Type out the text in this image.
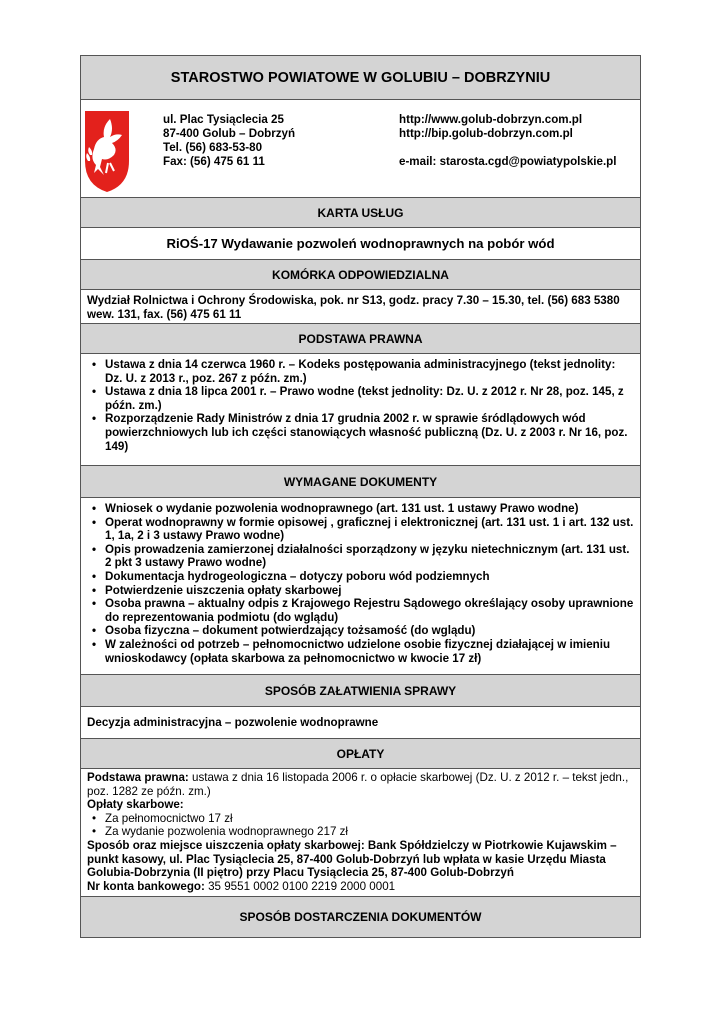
STAROSTWO POWIATOWE W GOLUBIU – DOBRZYNIU
ul. Plac Tysiąclecia 25
87-400 Golub – Dobrzyń
Tel. (56) 683-53-80
Fax: (56) 475 61 11
http://www.golub-dobrzyn.com.pl
http://bip.golub-dobrzyn.com.pl
e-mail: starosta.cgd@powiatypolskie.pl
KARTA USŁUG
RiOŚ-17 Wydawanie pozwoleń wodnoprawnych na pobór wód
KOMÓRKA ODPOWIEDZIALNA
Wydział Rolnictwa i Ochrony Środowiska, pok. nr S13, godz. pracy 7.30 – 15.30, tel. (56) 683 5380 wew. 131, fax. (56) 475 61 11
PODSTAWA PRAWNA
• Ustawa z dnia 14 czerwca 1960 r. – Kodeks postępowania administracyjnego (tekst jednolity: Dz. U. z 2013 r., poz. 267 z późn. zm.)
• Ustawa z dnia 18 lipca 2001 r. – Prawo wodne (tekst jednolity: Dz. U. z 2012 r. Nr 28, poz. 145, z późn. zm.)
• Rozporządzenie Rady Ministrów z dnia 17 grudnia 2002 r. w sprawie śródlądowych wód powierzchniowych lub ich części stanowiących własność publiczną (Dz. U. z 2003 r. Nr 16, poz. 149)
WYMAGANE DOKUMENTY
• Wniosek o wydanie pozwolenia wodnoprawnego (art. 131 ust. 1 ustawy Prawo wodne)
• Operat wodnoprawny w formie opisowej , graficznej i elektronicznej (art. 131 ust. 1 i art. 132 ust. 1, 1a, 2 i 3 ustawy Prawo wodne)
• Opis prowadzenia zamierzonej działalności sporządzony w języku nietechnicznym (art. 131 ust. 2 pkt 3 ustawy Prawo wodne)
• Dokumentacja hydrogeologiczna – dotyczy poboru wód podziemnych
• Potwierdzenie uiszczenia opłaty skarbowej
• Osoba prawna – aktualny odpis z Krajowego Rejestru Sądowego określający osoby uprawnione do reprezentowania podmiotu (do wglądu)
• Osoba fizyczna – dokument potwierdzający tożsamość (do wglądu)
• W zależności od potrzeb – pełnomocnictwo udzielone osobie fizycznej działającej w imieniu wnioskodawcy (opłata skarbowa za pełnomocnictwo w kwocie 17 zł)
SPOSÓB ZAŁATWIENIA SPRAWY
Decyzja administracyjna – pozwolenie wodnoprawne
OPŁATY
Podstawa prawna: ustawa z dnia 16 listopada 2006 r. o opłacie skarbowej (Dz. U. z 2012 r. – tekst jedn., poz. 1282 ze późn. zm.)
Opłaty skarbowe:
• Za pełnomocnictwo 17 zł
• Za wydanie pozwolenia wodnoprawnego 217 zł
Sposób oraz miejsce uiszczenia opłaty skarbowej: Bank Spółdzielczy w Piotrkowie Kujawskim – punkt kasowy, ul. Plac Tysiąclecia 25, 87-400 Golub-Dobrzyń lub wpłata w kasie Urzędu Miasta Golubia-Dobrzynia (II piętro) przy Placu Tysiąclecia 25, 87-400 Golub-Dobrzyń
Nr konta bankowego: 35 9551 0002 0100 2219 2000 0001
SPOSÓB DOSTARCZENIA DOKUMENTÓW
